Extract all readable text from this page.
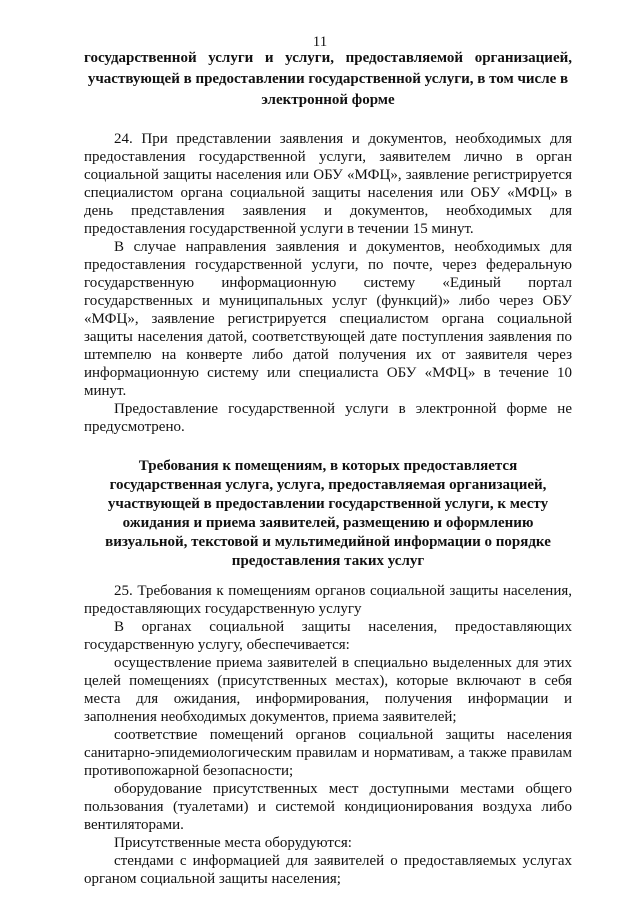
11
государственной услуги и услуги, предоставляемой организацией,
участвующей в предоставлении государственной услуги, в том числе в
электронной форме
24. При представлении заявления и документов, необходимых для
предоставления государственной услуги, заявителем лично в орган
социальной защиты населения или ОБУ «МФЦ», заявление регистрируется
специалистом органа социальной защиты населения или ОБУ «МФЦ» в
день представления заявления и документов, необходимых для
предоставления государственной услуги в течении 15 минут.
В случае направления заявления и документов, необходимых для
предоставления государственной услуги, по почте, через федеральную
государственную информационную систему «Единый портал
государственных и муниципальных услуг (функций)» либо через ОБУ
«МФЦ», заявление регистрируется специалистом органа социальной
защиты населения датой, соответствующей дате поступления заявления по
штемпелю на конверте либо датой получения их от заявителя через
информационную систему или специалиста ОБУ «МФЦ» в течение 10
минут.
Предоставление государственной услуги в электронной форме не
предусмотрено.
Требования к помещениям, в которых предоставляется
государственная услуга, услуга, предоставляемая организацией,
участвующей в предоставлении государственной услуги, к месту
ожидания и приема заявителей, размещению и оформлению
визуальной, текстовой и мультимедийной информации о порядке
предоставления таких услуг
25. Требования к помещениям органов социальной защиты населения,
предоставляющих государственную услугу
В органах социальной защиты населения, предоставляющих
государственную услугу, обеспечивается:
осуществление приема заявителей в специально выделенных для этих
целей помещениях (присутственных местах), которые включают в себя
места для ожидания, информирования, получения информации и
заполнения необходимых документов, приема заявителей;
соответствие помещений органов социальной защиты населения
санитарно-эпидемиологическим правилам и нормативам, а также правилам
противопожарной безопасности;
оборудование присутственных мест доступными местами общего
пользования (туалетами) и системой кондиционирования воздуха либо
вентиляторами.
Присутственные места оборудуются:
стендами с информацией для заявителей о предоставляемых услугах
органом социальной защиты населения;
